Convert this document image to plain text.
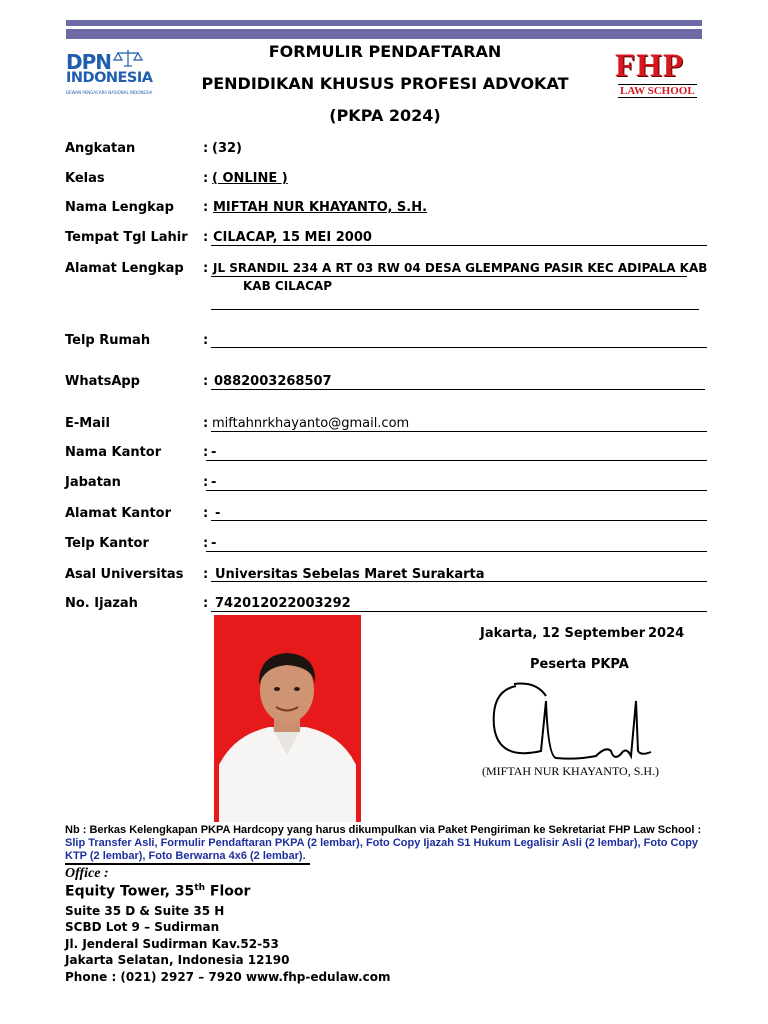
DPN
INDONESIA
DEWAN PENGACARA NASIONAL INDONESIA
FHP
LAW SCHOOL
FORMULIR PENDAFTARAN
PENDIDIKAN KHUSUS PROFESI ADVOKAT
(PKPA 2024)
Angkatan	: (32)
Kelas	: ( ONLINE )
Nama Lengkap : MIFTAH NUR KHAYANTO, S.H.
Tempat Tgl Lahir : CILACAP, 15 MEI 2000
Alamat Lengkap : JL SRANDIL 234 A RT 03 RW 04 DESA GLEMPANG PASIR KEC ADIPALA KAB
KAB CILACAP
Telp Rumah	:
WhatsApp	: 0882003268507
E-Mail	: miftahnrkhayanto@gmail.com
Nama Kantor	: -
Jabatan	: -
Alamat Kantor : -
Telp Kantor	: -
Asal Universitas : Universitas Sebelas Maret Surakarta
No. Ijazah	: 742012022003292
Jakarta, 12 September 2024
Peserta PKPA
(MIFTAH NUR KHAYANTO, S.H.)
Nb : Berkas Kelengkapan PKPA Hardcopy yang harus dikumpulkan via Paket Pengiriman ke Sekretariat FHP Law School : Slip Transfer Asli, Formulir Pendaftaran PKPA (2 lembar), Foto Copy Ijazah S1 Hukum Legalisir Asli (2 lembar), Foto Copy KTP (2 lembar), Foto Berwarna 4x6 (2 lembar).
Office :
Equity Tower, 35th Floor
Suite 35 D & Suite 35 H
SCBD Lot 9 – Sudirman
Jl. Jenderal Sudirman Kav.52-53
Jakarta Selatan, Indonesia 12190
Phone : (021) 2927 – 7920 www.fhp-edulaw.com
